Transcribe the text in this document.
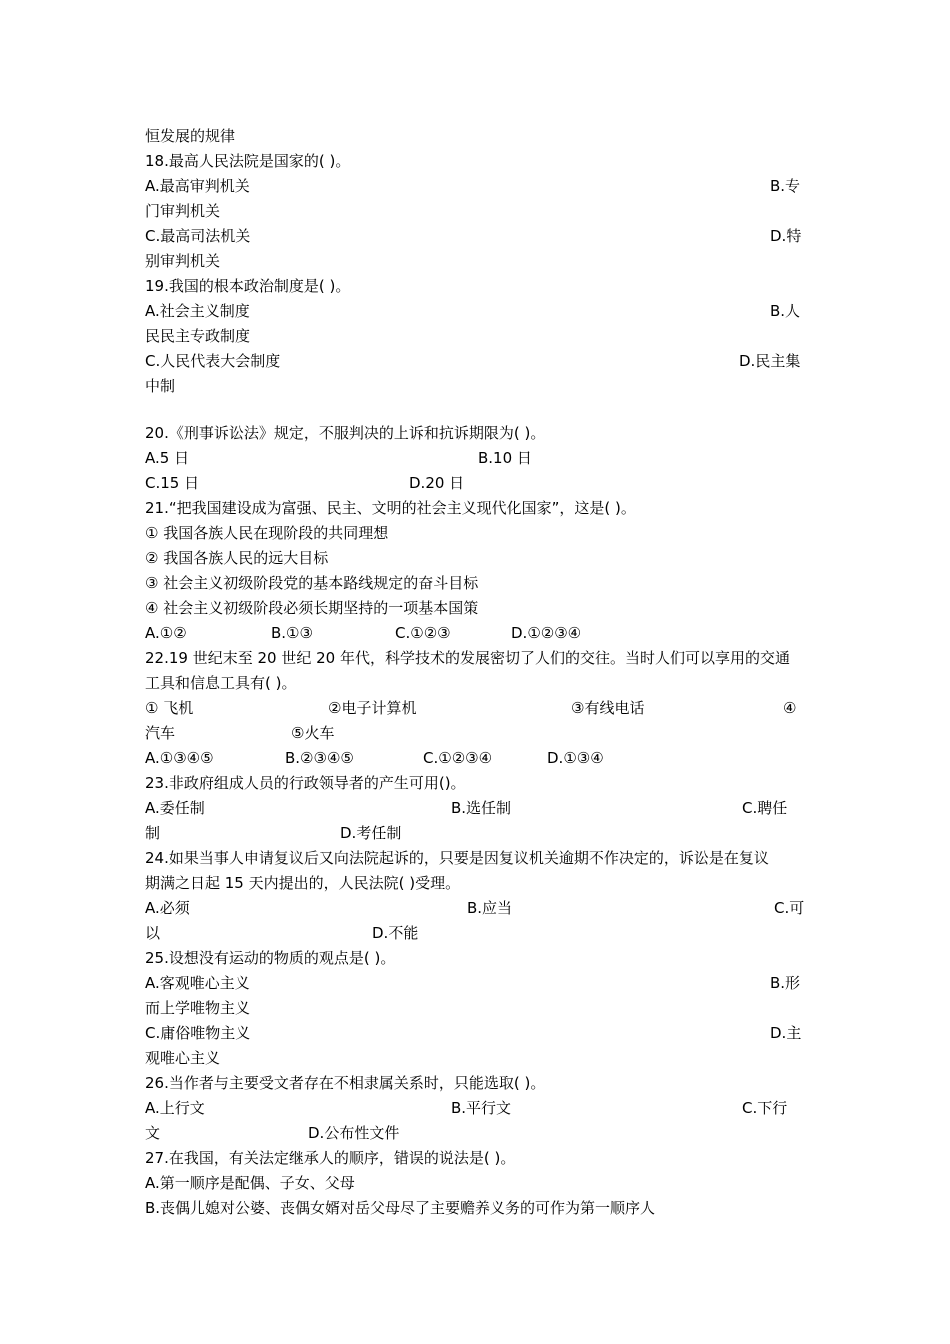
恒发展的规律
18.最高人民法院是国家的( )。
A.最高审判机关	B.专
门审判机关
C.最高司法机关	D.特
别审判机关
19.我国的根本政治制度是( )。
A.社会主义制度	B.人
民民主专政制度
C.人民代表大会制度	D.民主集
中制
20.《刑事诉讼法》规定，不服判决的上诉和抗诉期限为( )。
A.5 日	B.10 日
C.15 日	D.20 日
21.“把我国建设成为富强、民主、文明的社会主义现代化国家”，这是( )。
① 我国各族人民在现阶段的共同理想
② 我国各族人民的远大目标
③ 社会主义初级阶段党的基本路线规定的奋斗目标
④ 社会主义初级阶段必须长期坚持的一项基本国策
A.①②	B.①③	C.①②③	D.①②③④
22.19 世纪末至 20 世纪 20 年代，科学技术的发展密切了人们的交往。当时人们可以享用的交通
工具和信息工具有( )。
① 飞机	②电子计算机	③有线电话	④
汽车	⑤火车
A.①③④⑤	B.②③④⑤	C.①②③④	D.①③④
23.非政府组成人员的行政领导者的产生可用()。
A.委任制	B.选任制	C.聘任
制	D.考任制
24.如果当事人申请复议后又向法院起诉的，只要是因复议机关逾期不作决定的，诉讼是在复议
期满之日起 15 天内提出的，人民法院( )受理。
A.必须	B.应当	C.可
以	D.不能
25.设想没有运动的物质的观点是( )。
A.客观唯心主义	B.形
而上学唯物主义
C.庸俗唯物主义	D.主
观唯心主义
26.当作者与主要受文者存在不相隶属关系时，只能选取( )。
A.上行文	B.平行文	C.下行
文	D.公布性文件
27.在我国，有关法定继承人的顺序，错误的说法是( )。
A.第一顺序是配偶、子女、父母
B.丧偶儿媳对公婆、丧偶女婿对岳父母尽了主要赡养义务的可作为第一顺序人
